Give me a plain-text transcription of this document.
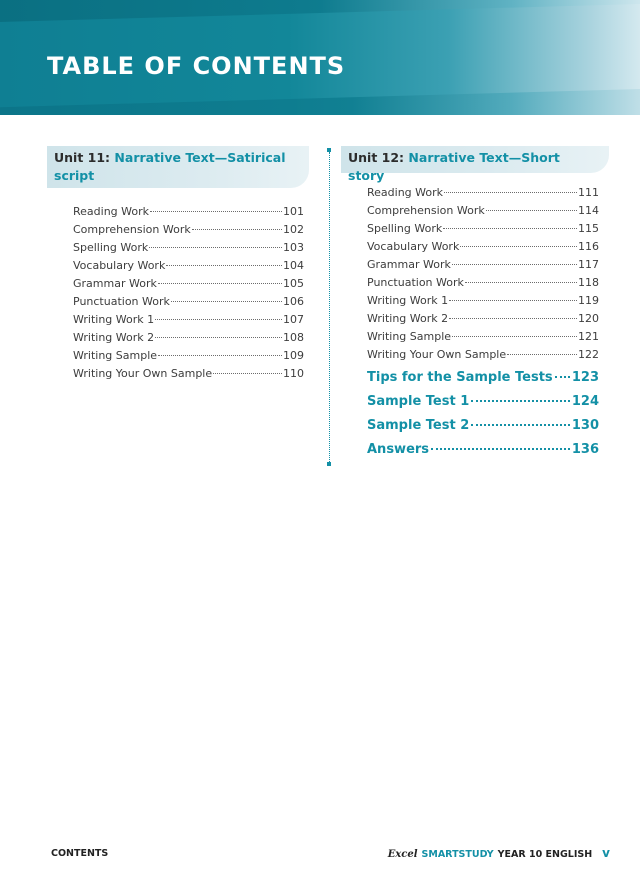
TABLE OF CONTENTS
Unit 11: Narrative Text—Satirical script
Reading Work	101
Comprehension Work	102
Spelling Work	103
Vocabulary Work	104
Grammar Work	105
Punctuation Work	106
Writing Work 1	107
Writing Work 2	108
Writing Sample	109
Writing Your Own Sample	110
Unit 12: Narrative Text—Short story
Reading Work	111
Comprehension Work	114
Spelling Work	115
Vocabulary Work	116
Grammar Work	117
Punctuation Work	118
Writing Work 1	119
Writing Work 2	120
Writing Sample	121
Writing Your Own Sample	122
Tips for the Sample Tests 123
Sample Test 1	124
Sample Test 2	130
Answers	136
CONTENTS	Excel SMARTSTUDY YEAR 10 ENGLISH v
